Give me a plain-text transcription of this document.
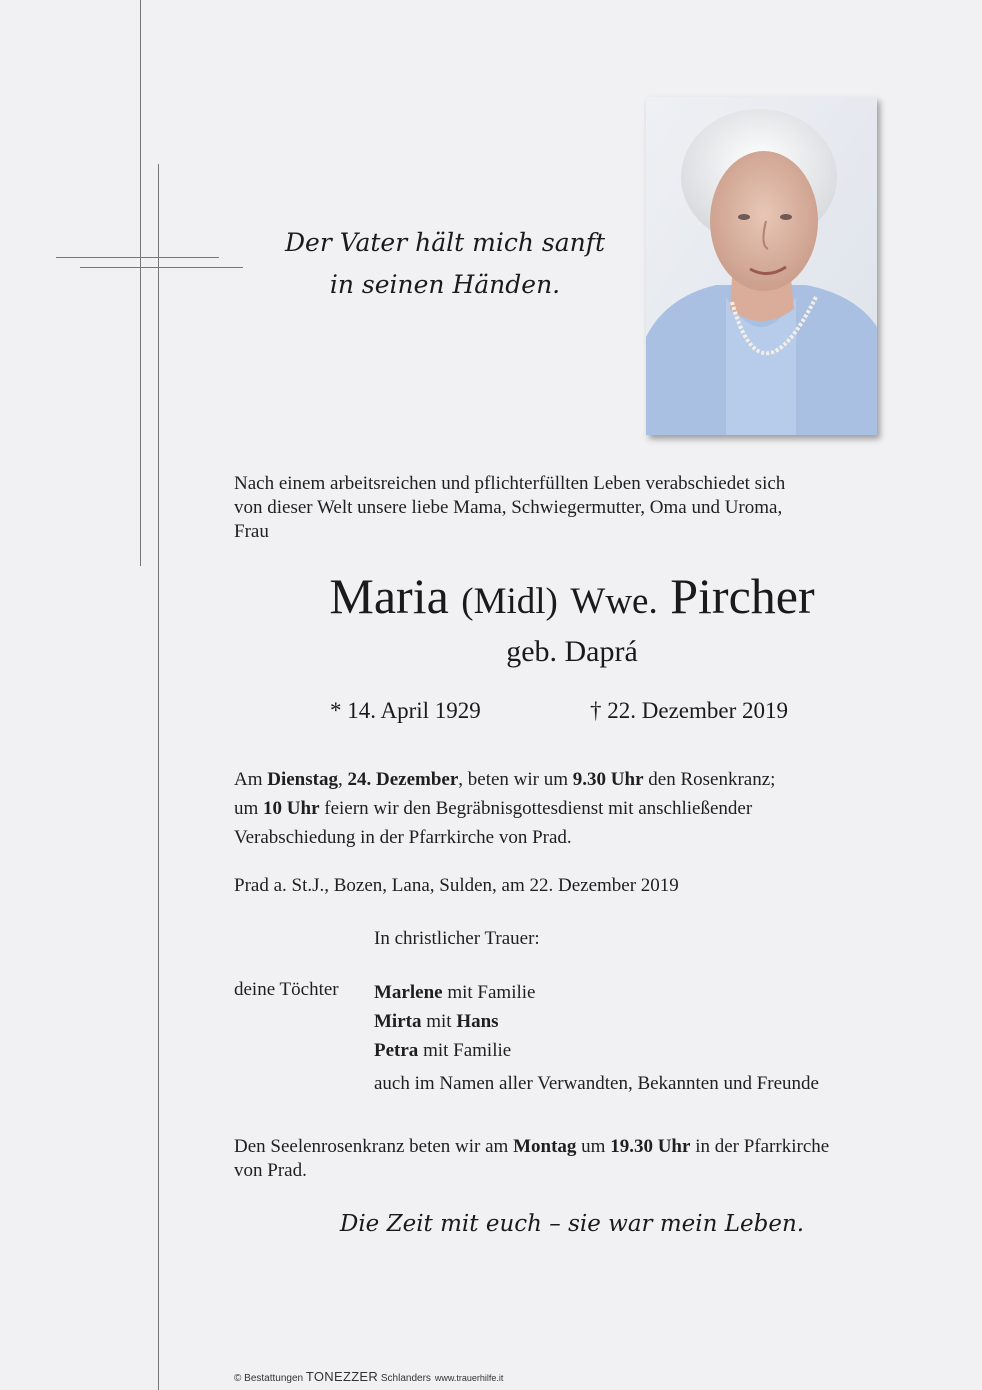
Der Vater hält mich sanft
in seinen Händen.
Nach einem arbeitsreichen und pflichterfüllten Leben verabschiedet sich
von dieser Welt unsere liebe Mama, Schwiegermutter, Oma und Uroma,
Frau
Maria (Midl) Wwe. Pircher
geb. Daprá
* 14. April 1929	† 22. Dezember 2019
Am Dienstag, 24. Dezember, beten wir um 9.30 Uhr den Rosenkranz;
um 10 Uhr feiern wir den Begräbnisgottesdienst mit anschließender
Verabschiedung in der Pfarrkirche von Prad.
Prad a. St.J., Bozen, Lana, Sulden, am 22. Dezember 2019
In christlicher Trauer:
deine Töchter	Marlene mit Familie
Mirta mit Hans
Petra mit Familie
auch im Namen aller Verwandten, Bekannten und Freunde
Den Seelenrosenkranz beten wir am Montag um 19.30 Uhr in der Pfarrkirche
von Prad.
Die Zeit mit euch – sie war mein Leben.
© Bestattungen TONEZZER Schlanders www.trauerhilfe.it
